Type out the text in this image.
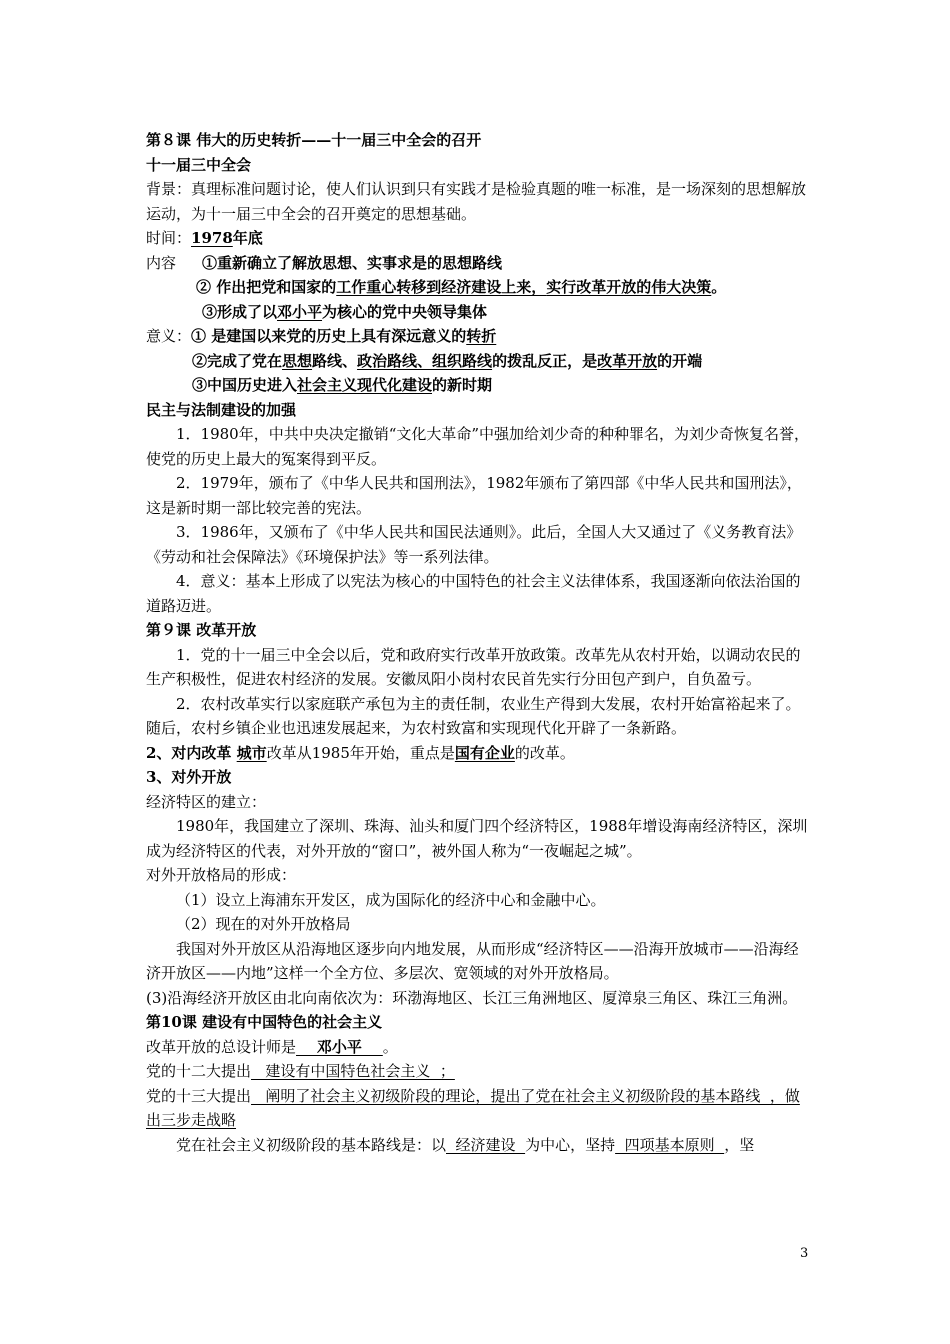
第８课 伟大的历史转折——十一届三中全会的召开

十一届三中全会

背景：真理标准问题讨论，使人们认识到只有实践才是检验真题的唯一标准，是一场深刻的思想解放运动，为十一届三中全会的召开奠定的思想基础。

时间：1978年底

内容 ①重新确立了解放思想、实事求是的思想路线

② 作出把党和国家的工作重心转移到经济建设上来，实行改革开放的伟大决策。

③形成了以邓小平为核心的党中央领导集体

意义：① 是建国以来党的历史上具有深远意义的转折

②完成了党在思想路线、政治路线、组织路线的拨乱反正，是改革开放的开端

③中国历史进入社会主义现代化建设的新时期

民主与法制建设的加强

1．1980年，中共中央决定撤销“文化大革命”中强加给刘少奇的种种罪名，为刘少奇恢复名誉，使党的历史上最大的冤案得到平反。

2．1979年，颁布了《中华人民共和国刑法》，1982年颁布了第四部《中华人民共和国刑法》，这是新时期一部比较完善的宪法。

3．1986年，又颁布了《中华人民共和国民法通则》。此后，全国人大又通过了《义务教育法》《劳动和社会保障法》《环境保护法》等一系列法律。

4．意义：基本上形成了以宪法为核心的中国特色的社会主义法律体系，我国逐渐向依法治国的道路迈进。

第９课 改革开放

1．党的十一届三中全会以后，党和政府实行改革开放政策。改革先从农村开始，以调动农民的生产积极性，促进农村经济的发展。安徽凤阳小岗村农民首先实行分田包产到户，自负盈亏。

2．农村改革实行以家庭联产承包为主的责任制，农业生产得到大发展，农村开始富裕起来了。随后，农村乡镇企业也迅速发展起来，为农村致富和实现现代化开辟了一条新路。

2、对内改革 城市改革从1985年开始，重点是国有企业的改革。

3、对外开放

经济特区的建立：

1980年，我国建立了深圳、珠海、汕头和厦门四个经济特区，1988年增设海南经济特区，深圳成为经济特区的代表，对外开放的“窗口”，被外国人称为“一夜崛起之城”。

对外开放格局的形成：

（1）设立上海浦东开发区，成为国际化的经济中心和金融中心。

（2）现在的对外开放格局

我国对外开放区从沿海地区逐步向内地发展，从而形成“经济特区——沿海开放城市——沿海经济开放区——内地”这样一个全方位、多层次、宽领域的对外开放格局。

(3)沿海经济开放区由北向南依次为：环渤海地区、长江三角洲地区、厦漳泉三角区、珠江三角洲。

第10课 建设有中国特色的社会主义

改革开放的总设计师是    邓小平    。

党的十二大提出   建设有中国特色社会主义  ；

党的十三大提出   阐明了社会主义初级阶段的理论，提出了党在社会主义初级阶段的基本路线  ，做出三步走战略

党在社会主义初级阶段的基本路线是：以  经济建设  为中心，坚持  四项基本原则  ，坚

3
